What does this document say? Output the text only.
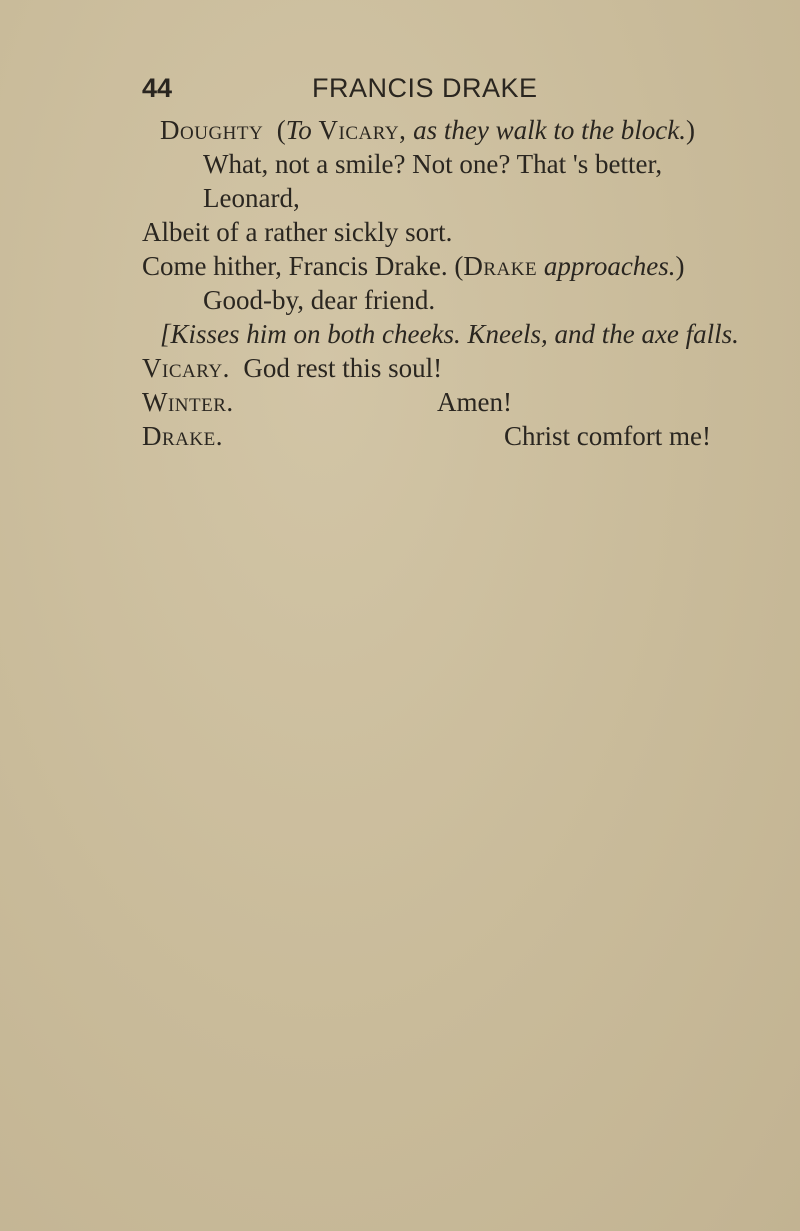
44	FRANCIS DRAKE
Doughty (To Vicary, as they walk to the block.)
What, not a smile? Not one? That 's better,
Leonard,
Albeit of a rather sickly sort.
Come hither, Francis Drake. (Drake approaches.)
Good-by, dear friend.
[Kisses him on both cheeks. Kneels, and the axe falls.
Vicary. God rest this soul!
Winter.	Amen!
Drake.	Christ comfort me!
